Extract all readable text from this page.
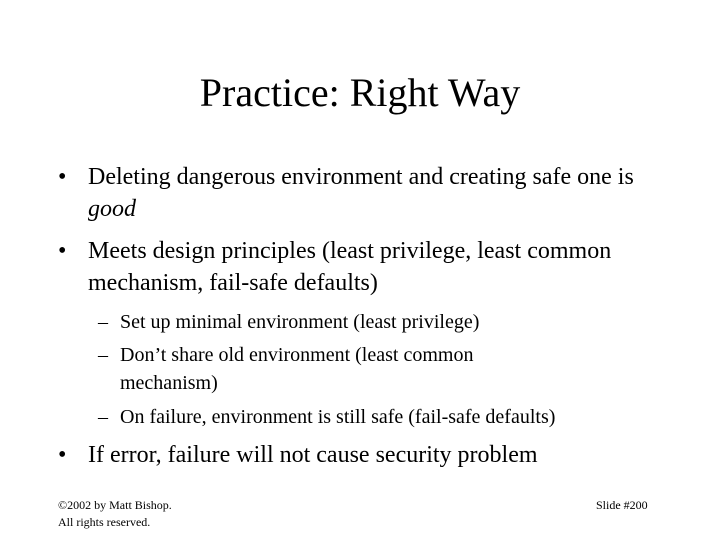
Practice: Right Way
• Deleting dangerous environment and creating safe one is good
• Meets design principles (least privilege, least common mechanism, fail-safe defaults)
– Set up minimal environment (least privilege)
– Don’t share old environment (least common mechanism)
– On failure, environment is still safe (fail-safe defaults)
• If error, failure will not cause security problem
©2002 by Matt Bishop.
All rights reserved.
Slide #200
